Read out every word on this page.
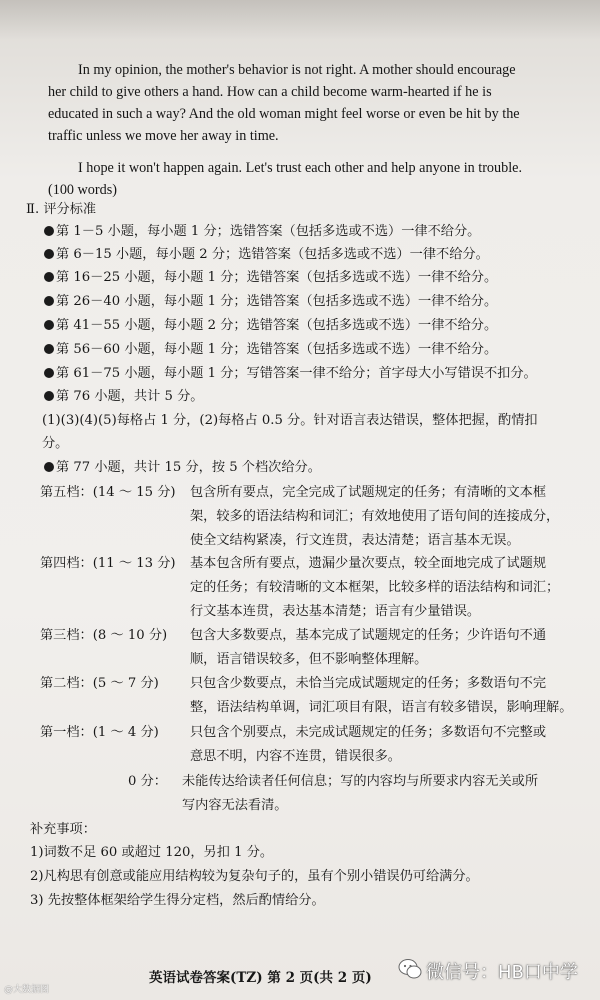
In my opinion, the mother's behavior is not right. A mother should encourage
her child to give others a hand. How can a child become warm-hearted if he is
educated in such a way? And the old woman might feel worse or even be hit by the
traffic unless we move her away in time.
I hope it won't happen again. Let's trust each other and help anyone in trouble.
(100 words)
Ⅱ. 评分标准
第 1－5 小题，每小题 1 分；选错答案（包括多选或不选）一律不给分。
第 6－15 小题，每小题 2 分；选错答案（包括多选或不选）一律不给分。
第 16－25 小题，每小题 1 分；选错答案（包括多选或不选）一律不给分。
第 26－40 小题，每小题 1 分；选错答案（包括多选或不选）一律不给分。
第 41－55 小题，每小题 2 分；选错答案（包括多选或不选）一律不给分。
第 56－60 小题，每小题 1 分；选错答案（包括多选或不选）一律不给分。
第 61－75 小题，每小题 1 分；写错答案一律不给分；首字母大小写错误不扣分。
第 76 小题，共计 5 分。
(1)(3)(4)(5)每格占 1 分，(2)每格占 0.5 分。针对语言表达错误，整体把握，酌情扣
分。
第 77 小题，共计 15 分，按 5 个档次给分。
第五档：(14 ～ 15 分) 包含所有要点，完全完成了试题规定的任务；有清晰的文本框
架，较多的语法结构和词汇；有效地使用了语句间的连接成分，
使全文结构紧凑，行文连贯，表达清楚；语言基本无误。
第四档：(11 ～ 13 分) 基本包含所有要点，遗漏少量次要点，较全面地完成了试题规
定的任务；有较清晰的文本框架，比较多样的语法结构和词汇；
行文基本连贯，表达基本清楚；语言有少量错误。
第三档：(8 ～ 10 分) 包含大多数要点，基本完成了试题规定的任务；少许语句不通
顺，语言错误较多，但不影响整体理解。
第二档：(5 ～ 7 分) 只包含少数要点，未恰当完成试题规定的任务；多数语句不完
整，语法结构单调，词汇项目有限，语言有较多错误，影响理解。
第一档：(1 ～ 4 分) 只包含个别要点，未完成试题规定的任务；多数语句不完整或
意思不明，内容不连贯，错误很多。
0 分： 未能传达给读者任何信息；写的内容均与所要求内容无关或所
写内容无法看清。
补充事项：
1)词数不足 60 或超过 120，另扣 1 分。
2)凡构思有创意或能应用结构较为复杂句子的，虽有个别小错误仍可给满分。
3) 先按整体框架给学生得分定档，然后酌情给分。
英语试卷答案(TZ) 第 2 页(共 2 页)	微信号：HB口中学
@大数据图
